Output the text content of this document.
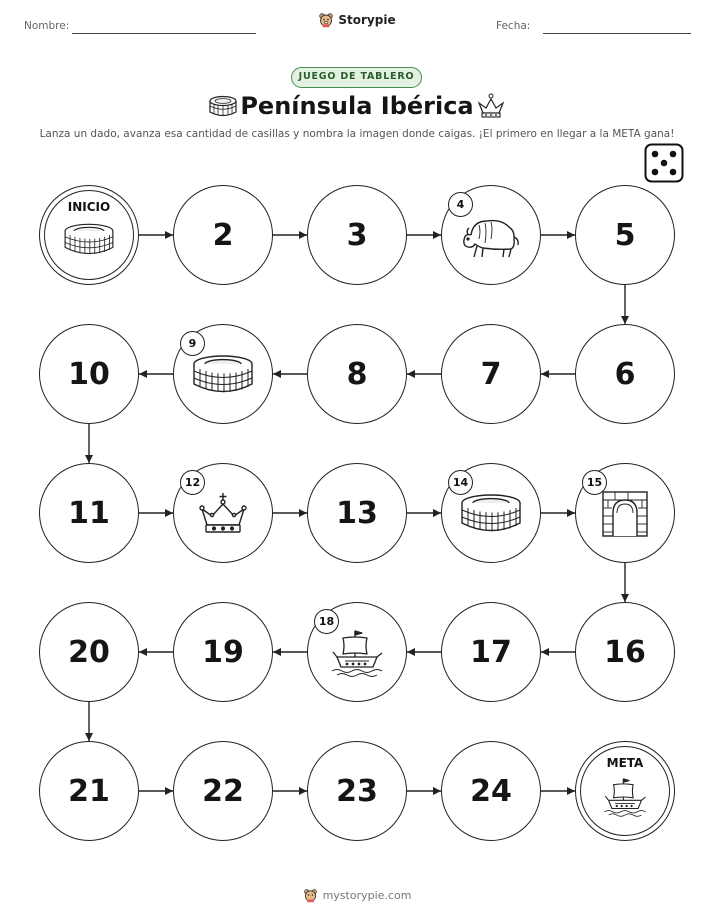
Nombre:	Fecha:
Storypie
JUEGO DE TABLERO
Península Ibérica
Lanza un dado, avanza esa cantidad de casillas y nombra la imagen donde caigas. ¡El primero en llegar a la META gana!
INICIO
2	3
4
5
6
7
8
9
10
11
12
13
14	15
16
17
18
19
20
21	22	23	24
META
mystorypie.com
